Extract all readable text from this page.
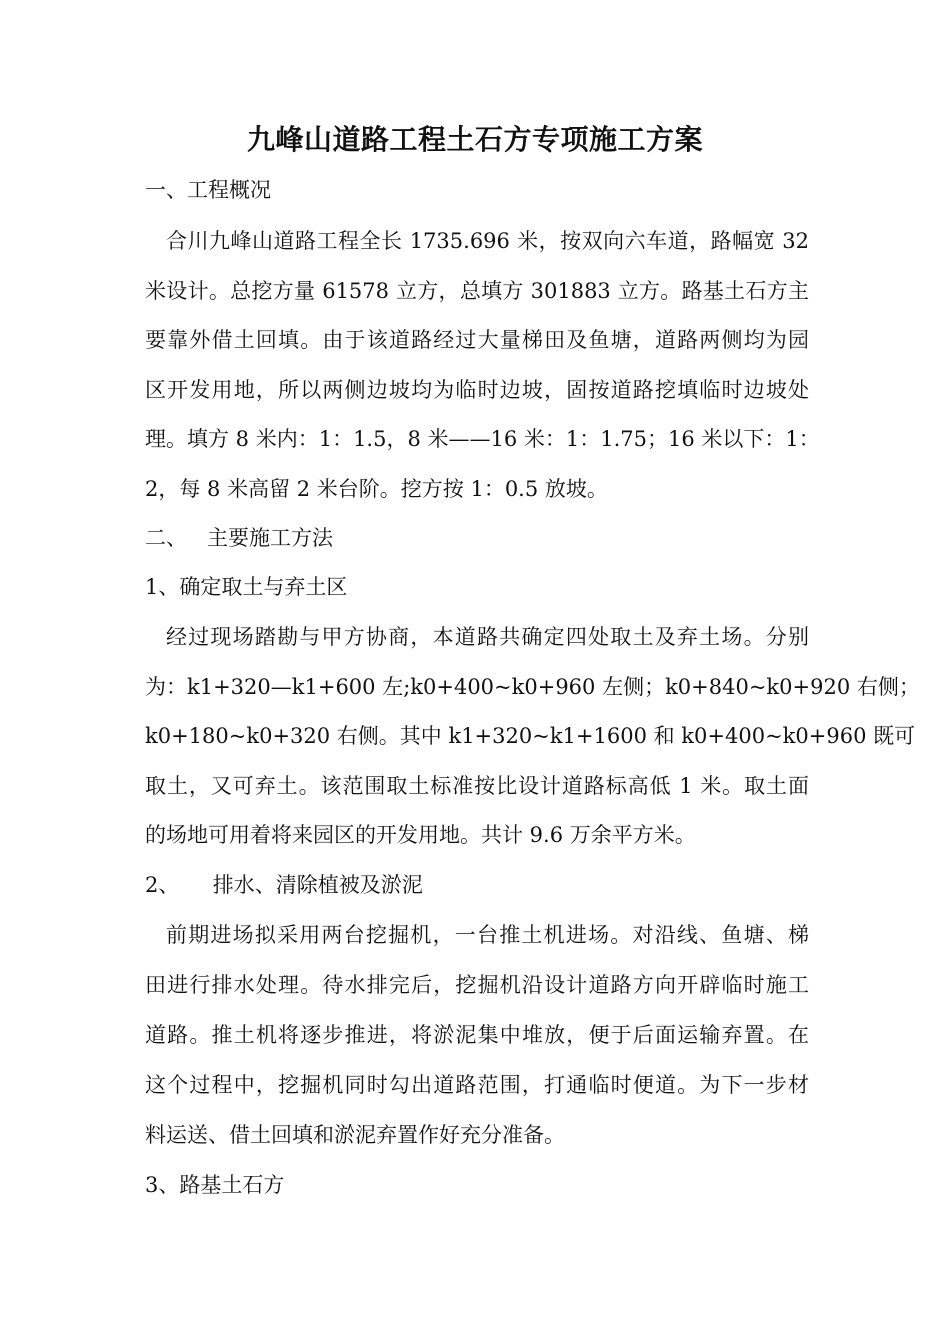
九峰山道路工程土石方专项施工方案
一、工程概况
合川九峰山道路工程全长 1735.696 米，按双向六车道，路幅宽 32
米设计。总挖方量 61578 立方，总填方 301883 立方。路基土石方主
要靠外借土回填。由于该道路经过大量梯田及鱼塘，道路两侧均为园
区开发用地，所以两侧边坡均为临时边坡，固按道路挖填临时边坡处
理。填方 8 米内：1：1.5，8 米——16 米：1：1.75；16 米以下：1：
2，每 8 米高留 2 米台阶。挖方按 1：0.5 放坡。
二、   主要施工方法
1、确定取土与弃土区
经过现场踏勘与甲方协商，本道路共确定四处取土及弃土场。分别
为：k1+320—k1+600 左;k0+400~k0+960 左侧；k0+840~k0+920 右侧；
k0+180~k0+320 右侧。其中 k1+320~k1+1600 和 k0+400~k0+960 既可
取土，又可弃土。该范围取土标准按比设计道路标高低 1 米。取土面
的场地可用着将来园区的开发用地。共计 9.6 万余平方米。
2、     排水、清除植被及淤泥
前期进场拟采用两台挖掘机，一台推土机进场。对沿线、鱼塘、梯
田进行排水处理。待水排完后，挖掘机沿设计道路方向开辟临时施工
道路。推土机将逐步推进，将淤泥集中堆放，便于后面运输弃置。在
这个过程中，挖掘机同时勾出道路范围，打通临时便道。为下一步材
料运送、借土回填和淤泥弃置作好充分准备。
3、路基土石方
